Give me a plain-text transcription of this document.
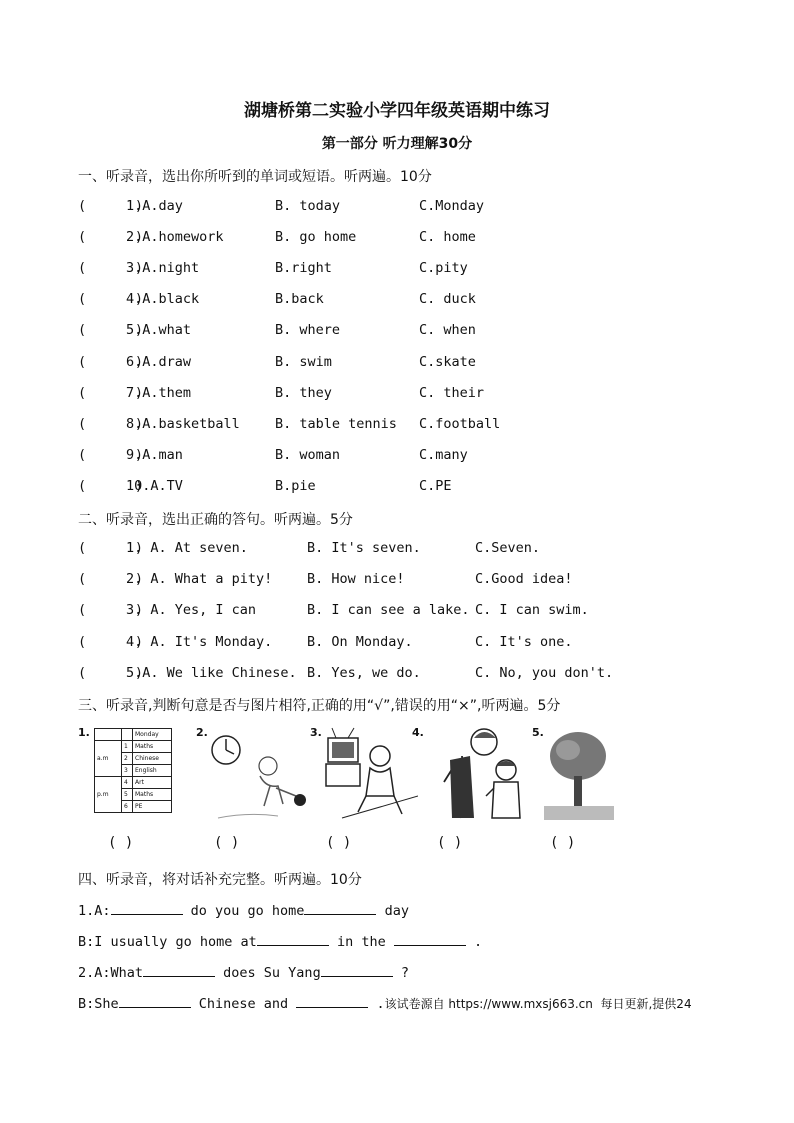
湖塘桥第二实验小学四年级英语期中练习
第一部分 听力理解30分
一、听录音，选出你所听到的单词或短语。听两遍。10分
(      )
1.A.day	B. today	C.Monday
(      )
2.A.homework	B. go home	C. home
(      )
3.A.night	B.right	C.pity
(      )
4.A.black	B.back	C. duck
(      )
5.A.what	B. where	C. when
(      )
6.A.draw	B. swim	C.skate
(      )
7.A.them	B. they	C. their
(      )
8.A.basketball	B. table tennis C.football
(      )
9.A.man	B. woman	C.many
(      )
10.A.TV	B.pie	C.PE
二、听录音，选出正确的答句。听两遍。5分
(      )
1. A. At seven.	B. It's seven.	C.Seven.
(      )
2. A. What a pity!	B. How nice!	C.Good idea!
(      )
3. A. Yes, I can	B. I can see a lake. C. I can swim.
(      )
4. A. It's Monday.	B. On Monday.	C. It's one.
(      )
5.A. We like Chinese. B. Yes, we do.	C. No, you don't.
三、听录音,判断句意是否与图片相符,正确的用“√”,错误的用“×”,听两遍。5分
1.
			Monday
a.m	1	Maths
	2	Chinese
	3	English
p.m	4	Art
	5	Maths
	6	PE
2.	3.	4.	5.
( )	( )	( )	( )	( )
四、听录音，将对话补充完整。听两遍。10分
1.A:	do you go home	day
B:I usually go home at	in the	.
2.A:What	does Su Yang	?
B:She	Chinese and	.该试卷源自 https://www.mxsj663.cn  每日更新,提供24
